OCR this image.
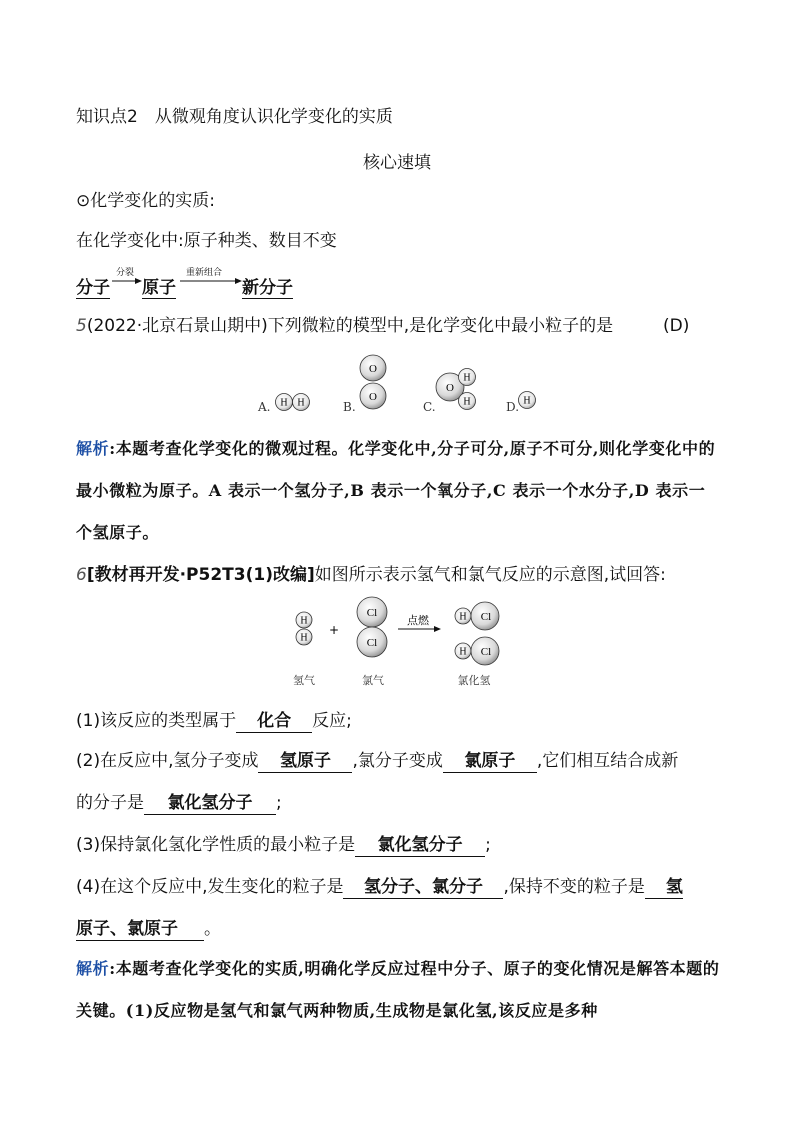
知识点2　从微观角度认识化学变化的实质
核心速填
⊙化学变化的实质:
在化学变化中:原子种类、数目不变
分子
分裂
原子
重新组合
新分子
5(2022·北京石景山期中)下列微粒的模型中,是化学变化中最小粒子的是	(D)
A.	B.	C.	D.
H H
O
O
O
H
H	H
解析:本题考查化学变化的微观过程。化学变化中,分子可分,原子不可分,则化学变化中的最小微粒为原子。A 表示一个氢分子,B 表示一个氧分子,C 表示一个水分子,D 表示一个氢原子。
6[教材再开发·P52T3(1)改编]如图所示表示氢气和氯气反应的示意图,试回答:
H
H
+
Cl
Cl
点燃	H Cl
H Cl
氢气	氯气	氯化氢
(1)该反应的类型属于 化合 反应;
(2)在反应中,氢分子变成 氢原子 ,氯分子变成 氯原子 ,它们相互结合成新
的分子是 氯化氢分子 ;
(3)保持氯化氢化学性质的最小粒子是 氯化氢分子 ;
(4)在这个反应中,发生变化的粒子是 氢分子、氯分子 ,保持不变的粒子是 氢
原子、氯原子 。
解析:本题考查化学变化的实质,明确化学反应过程中分子、原子的变化情况是解答本题的关键。(1)反应物是氢气和氯气两种物质,生成物是氯化氢,该反应是多种
